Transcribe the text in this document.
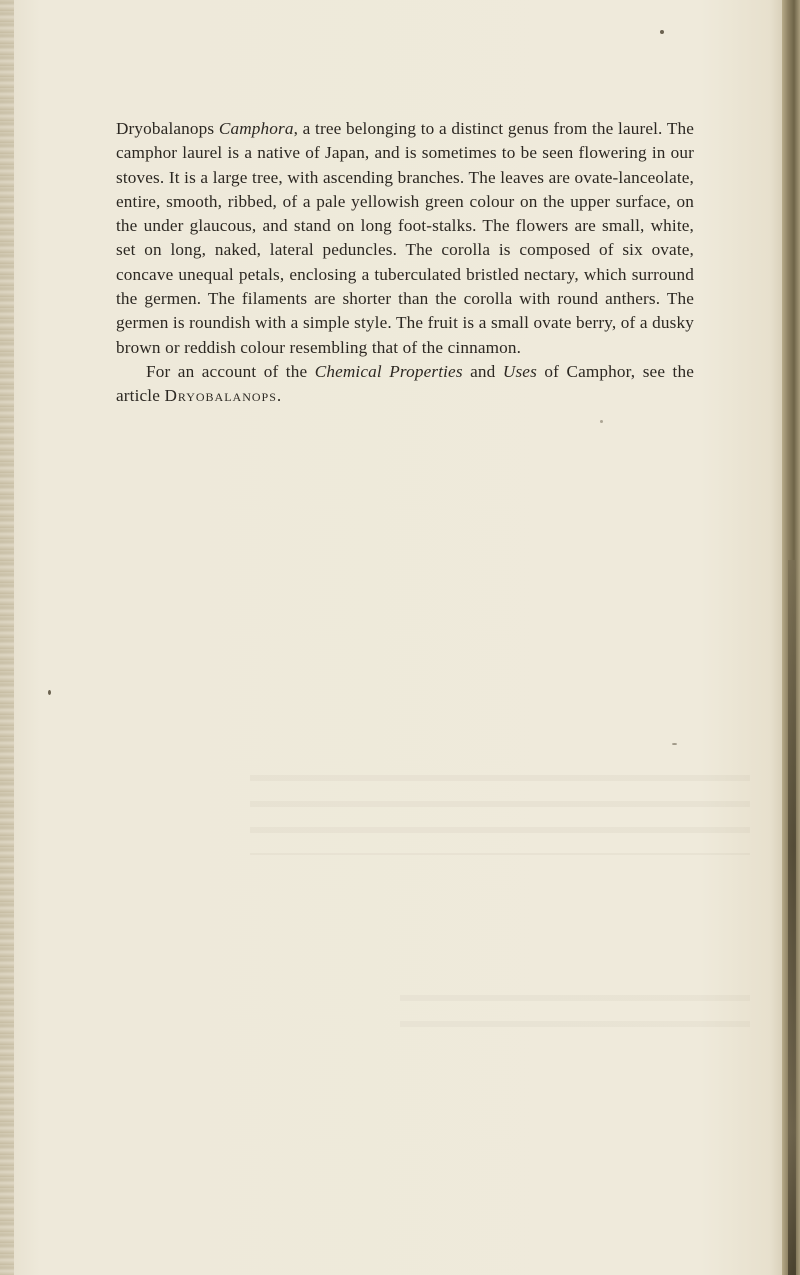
Dryobalanops Camphora, a tree belonging to a distinct genus from the laurel. The camphor laurel is a native of Japan, and is sometimes to be seen flowering in our stoves. It is a large tree, with ascending branches. The leaves are ovate-lanceolate, entire, smooth, ribbed, of a pale yellowish green colour on the upper surface, on the under glaucous, and stand on long foot-stalks. The flowers are small, white, set on long, naked, lateral peduncles. The corolla is composed of six ovate, concave unequal petals, enclosing a tuberculated bristled nectary, which surround the germen. The filaments are shorter than the corolla with round anthers. The germen is roundish with a simple style. The fruit is a small ovate berry, of a dusky brown or reddish colour resembling that of the cinnamon.

For an account of the Chemical Properties and Uses of Camphor, see the article Dryobalanops.
